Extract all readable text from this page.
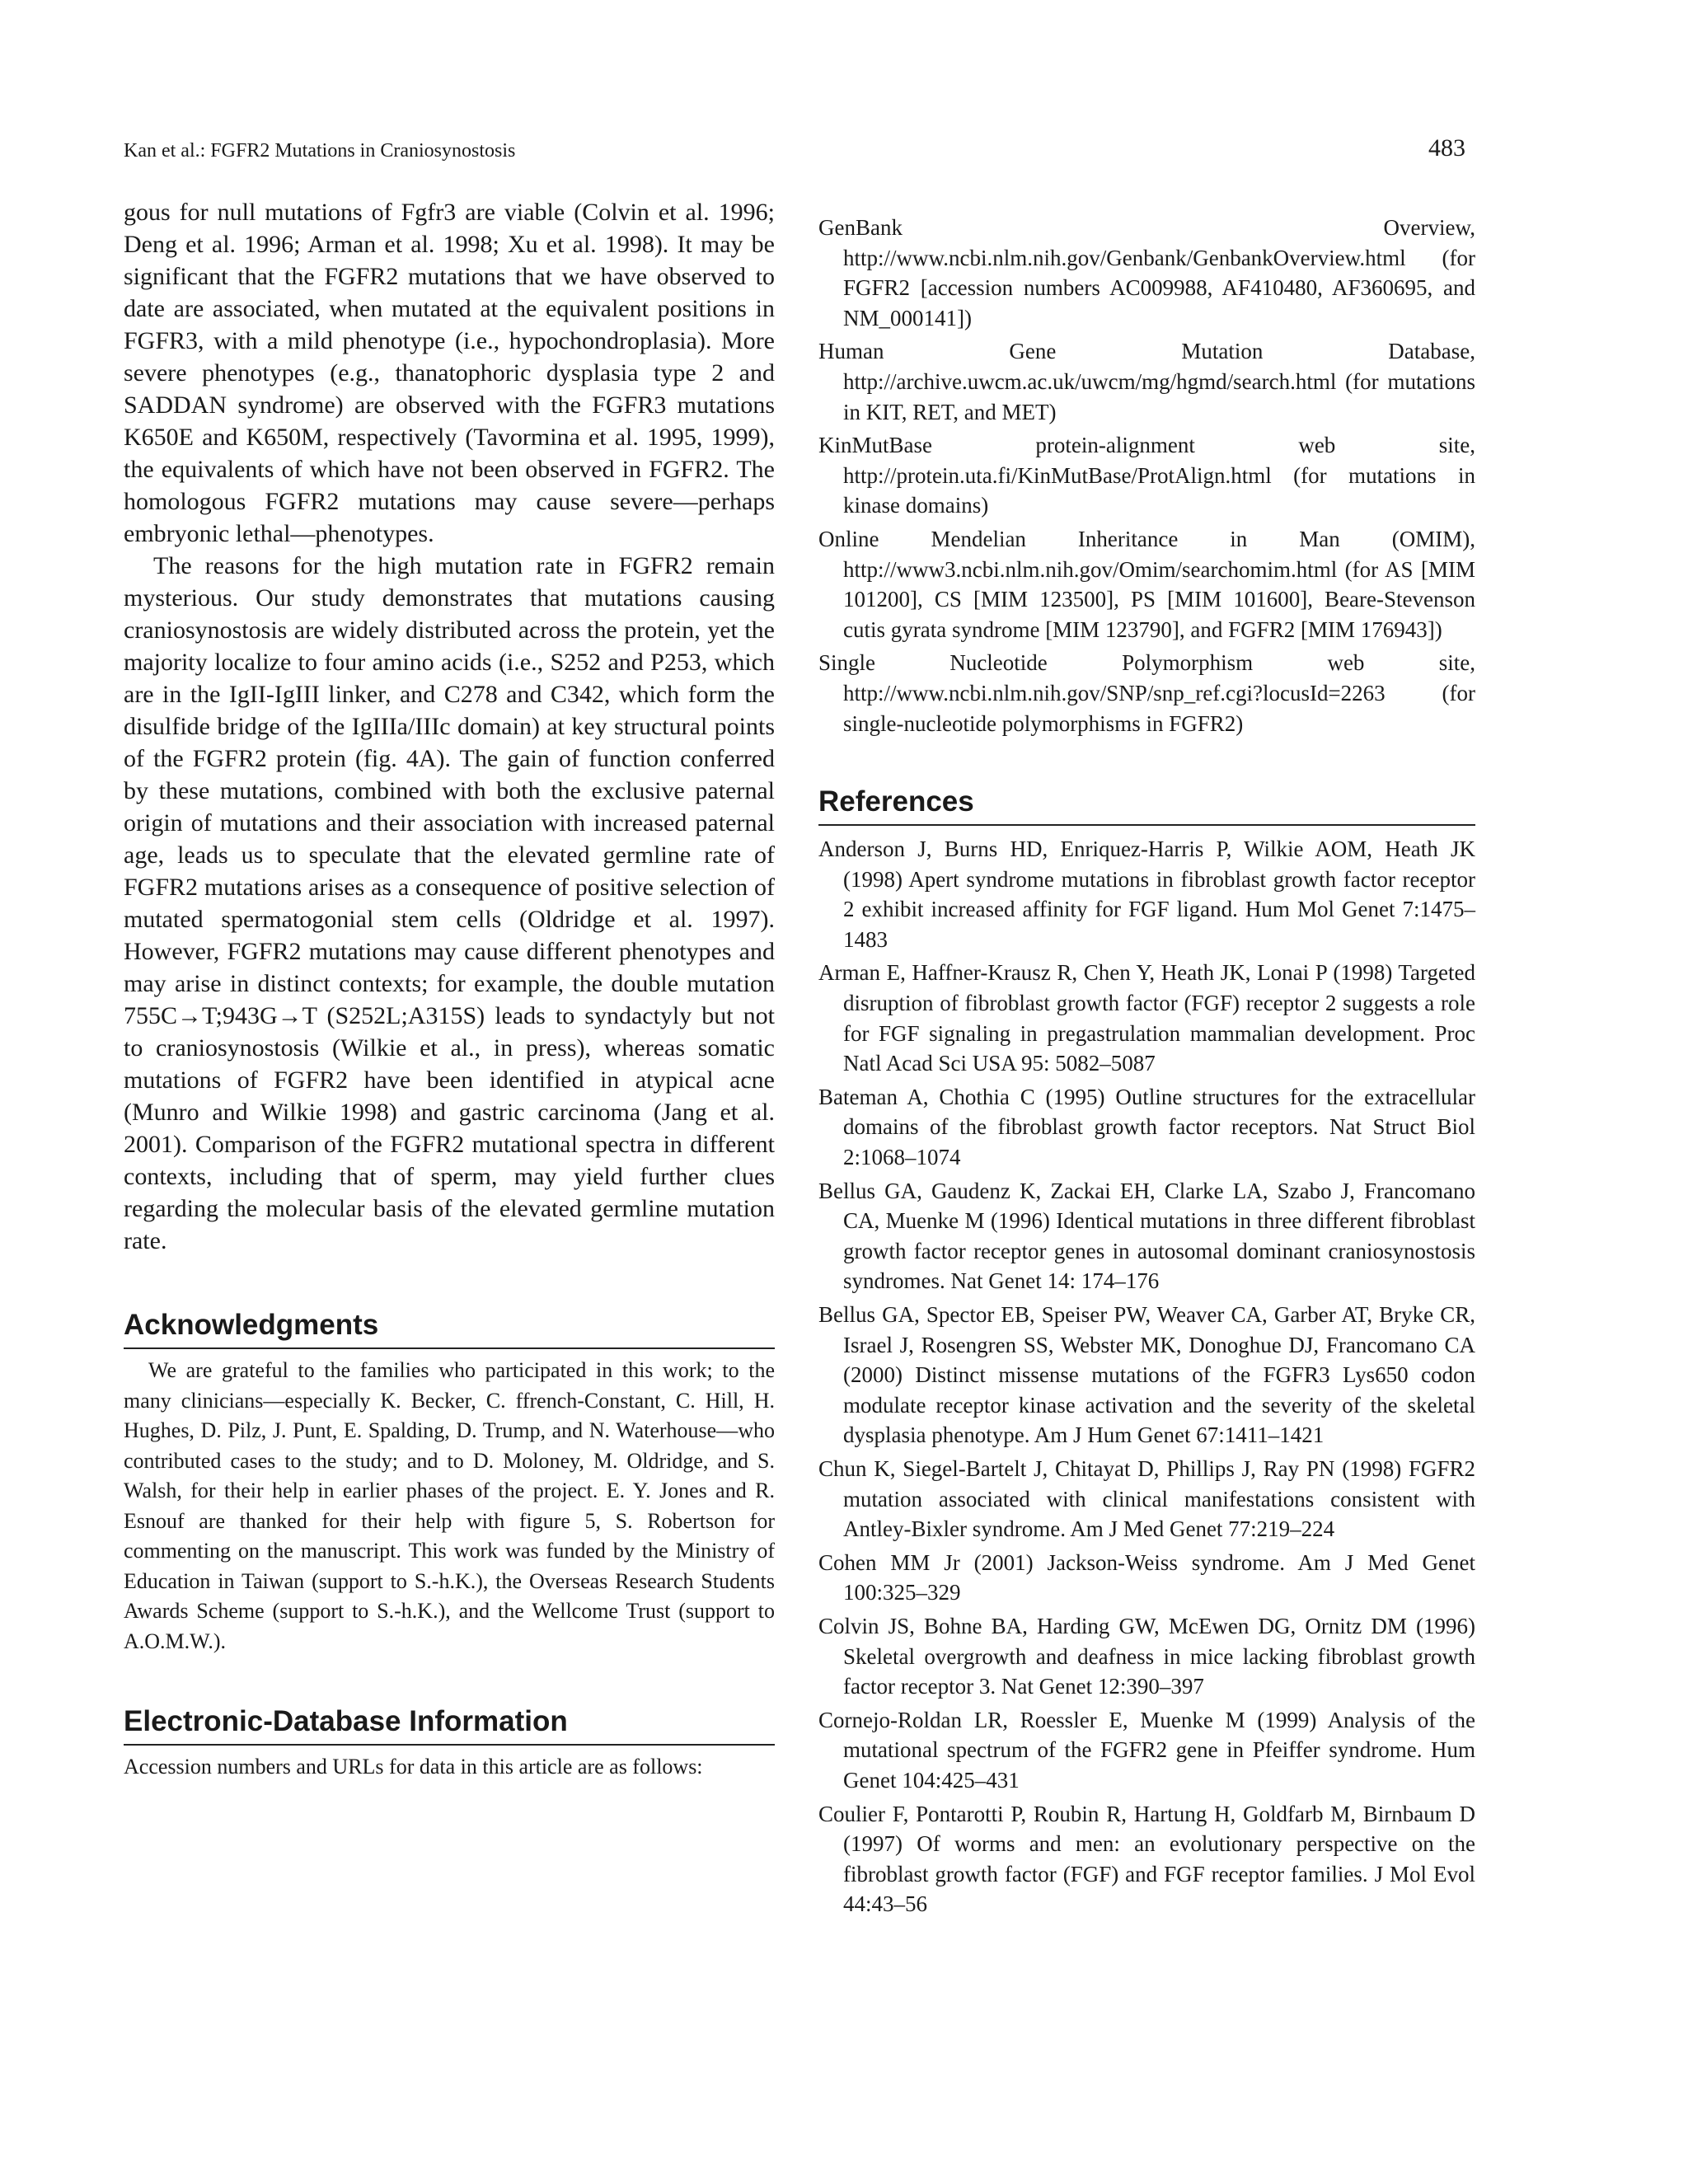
Kan et al.: FGFR2 Mutations in Craniosynostosis	483

gous for null mutations of Fgfr3 are viable (Colvin et al. 1996; Deng et al. 1996; Arman et al. 1998; Xu et al. 1998). It may be significant that the FGFR2 mutations that we have observed to date are associated, when mutated at the equivalent positions in FGFR3, with a mild phenotype (i.e., hypochondroplasia). More severe phenotypes (e.g., thanatophoric dysplasia type 2 and SADDAN syndrome) are observed with the FGFR3 mutations K650E and K650M, respectively (Tavormina et al. 1995, 1999), the equivalents of which have not been observed in FGFR2. The homologous FGFR2 mutations may cause severe—perhaps embryonic lethal—phenotypes.

The reasons for the high mutation rate in FGFR2 remain mysterious. Our study demonstrates that mutations causing craniosynostosis are widely distributed across the protein, yet the majority localize to four amino acids (i.e., S252 and P253, which are in the IgII-IgIII linker, and C278 and C342, which form the disulfide bridge of the IgIIIa/IIIc domain) at key structural points of the FGFR2 protein (fig. 4A). The gain of function conferred by these mutations, combined with both the exclusive paternal origin of mutations and their association with increased paternal age, leads us to speculate that the elevated germline rate of FGFR2 mutations arises as a consequence of positive selection of mutated spermatogonial stem cells (Oldridge et al. 1997). However, FGFR2 mutations may cause different phenotypes and may arise in distinct contexts; for example, the double mutation 755C→T;943G→T (S252L;A315S) leads to syndactyly but not to craniosynostosis (Wilkie et al., in press), whereas somatic mutations of FGFR2 have been identified in atypical acne (Munro and Wilkie 1998) and gastric carcinoma (Jang et al. 2001). Comparison of the FGFR2 mutational spectra in different contexts, including that of sperm, may yield further clues regarding the molecular basis of the elevated germline mutation rate.

Acknowledgments

We are grateful to the families who participated in this work; to the many clinicians—especially K. Becker, C. ffrench-Constant, C. Hill, H. Hughes, D. Pilz, J. Punt, E. Spalding, D. Trump, and N. Waterhouse—who contributed cases to the study; and to D. Moloney, M. Oldridge, and S. Walsh, for their help in earlier phases of the project. E. Y. Jones and R. Esnouf are thanked for their help with figure 5, S. Robertson for commenting on the manuscript. This work was funded by the Ministry of Education in Taiwan (support to S.-h.K.), the Overseas Research Students Awards Scheme (support to S.-h.K.), and the Wellcome Trust (support to A.O.M.W.).

Electronic-Database Information

Accession numbers and URLs for data in this article are as follows:

GenBank Overview, http://www.ncbi.nlm.nih.gov/Genbank/GenbankOverview.html (for FGFR2 [accession numbers AC009988, AF410480, AF360695, and NM_000141])
Human Gene Mutation Database, http://archive.uwcm.ac.uk/uwcm/mg/hgmd/search.html (for mutations in KIT, RET, and MET)
KinMutBase protein-alignment web site, http://protein.uta.fi/KinMutBase/ProtAlign.html (for mutations in kinase domains)
Online Mendelian Inheritance in Man (OMIM), http://www3.ncbi.nlm.nih.gov/Omim/searchomim.html (for AS [MIM 101200], CS [MIM 123500], PS [MIM 101600], Beare-Stevenson cutis gyrata syndrome [MIM 123790], and FGFR2 [MIM 176943])
Single Nucleotide Polymorphism web site, http://www.ncbi.nlm.nih.gov/SNP/snp_ref.cgi?locusId=2263 (for single-nucleotide polymorphisms in FGFR2)
References
Anderson J, Burns HD, Enriquez-Harris P, Wilkie AOM, Heath JK (1998) Apert syndrome mutations in fibroblast growth factor receptor 2 exhibit increased affinity for FGF ligand. Hum Mol Genet 7:1475–1483
Arman E, Haffner-Krausz R, Chen Y, Heath JK, Lonai P (1998) Targeted disruption of fibroblast growth factor (FGF) receptor 2 suggests a role for FGF signaling in pregastrulation mammalian development. Proc Natl Acad Sci USA 95: 5082–5087
Bateman A, Chothia C (1995) Outline structures for the extracellular domains of the fibroblast growth factor receptors. Nat Struct Biol 2:1068–1074
Bellus GA, Gaudenz K, Zackai EH, Clarke LA, Szabo J, Francomano CA, Muenke M (1996) Identical mutations in three different fibroblast growth factor receptor genes in autosomal dominant craniosynostosis syndromes. Nat Genet 14: 174–176
Bellus GA, Spector EB, Speiser PW, Weaver CA, Garber AT, Bryke CR, Israel J, Rosengren SS, Webster MK, Donoghue DJ, Francomano CA (2000) Distinct missense mutations of the FGFR3 Lys650 codon modulate receptor kinase activation and the severity of the skeletal dysplasia phenotype. Am J Hum Genet 67:1411–1421
Chun K, Siegel-Bartelt J, Chitayat D, Phillips J, Ray PN (1998) FGFR2 mutation associated with clinical manifestations consistent with Antley-Bixler syndrome. Am J Med Genet 77:219–224
Cohen MM Jr (2001) Jackson-Weiss syndrome. Am J Med Genet 100:325–329
Colvin JS, Bohne BA, Harding GW, McEwen DG, Ornitz DM (1996) Skeletal overgrowth and deafness in mice lacking fibroblast growth factor receptor 3. Nat Genet 12:390–397
Cornejo-Roldan LR, Roessler E, Muenke M (1999) Analysis of the mutational spectrum of the FGFR2 gene in Pfeiffer syndrome. Hum Genet 104:425–431
Coulier F, Pontarotti P, Roubin R, Hartung H, Goldfarb M, Birnbaum D (1997) Of worms and men: an evolutionary perspective on the fibroblast growth factor (FGF) and FGF receptor families. J Mol Evol 44:43–56
